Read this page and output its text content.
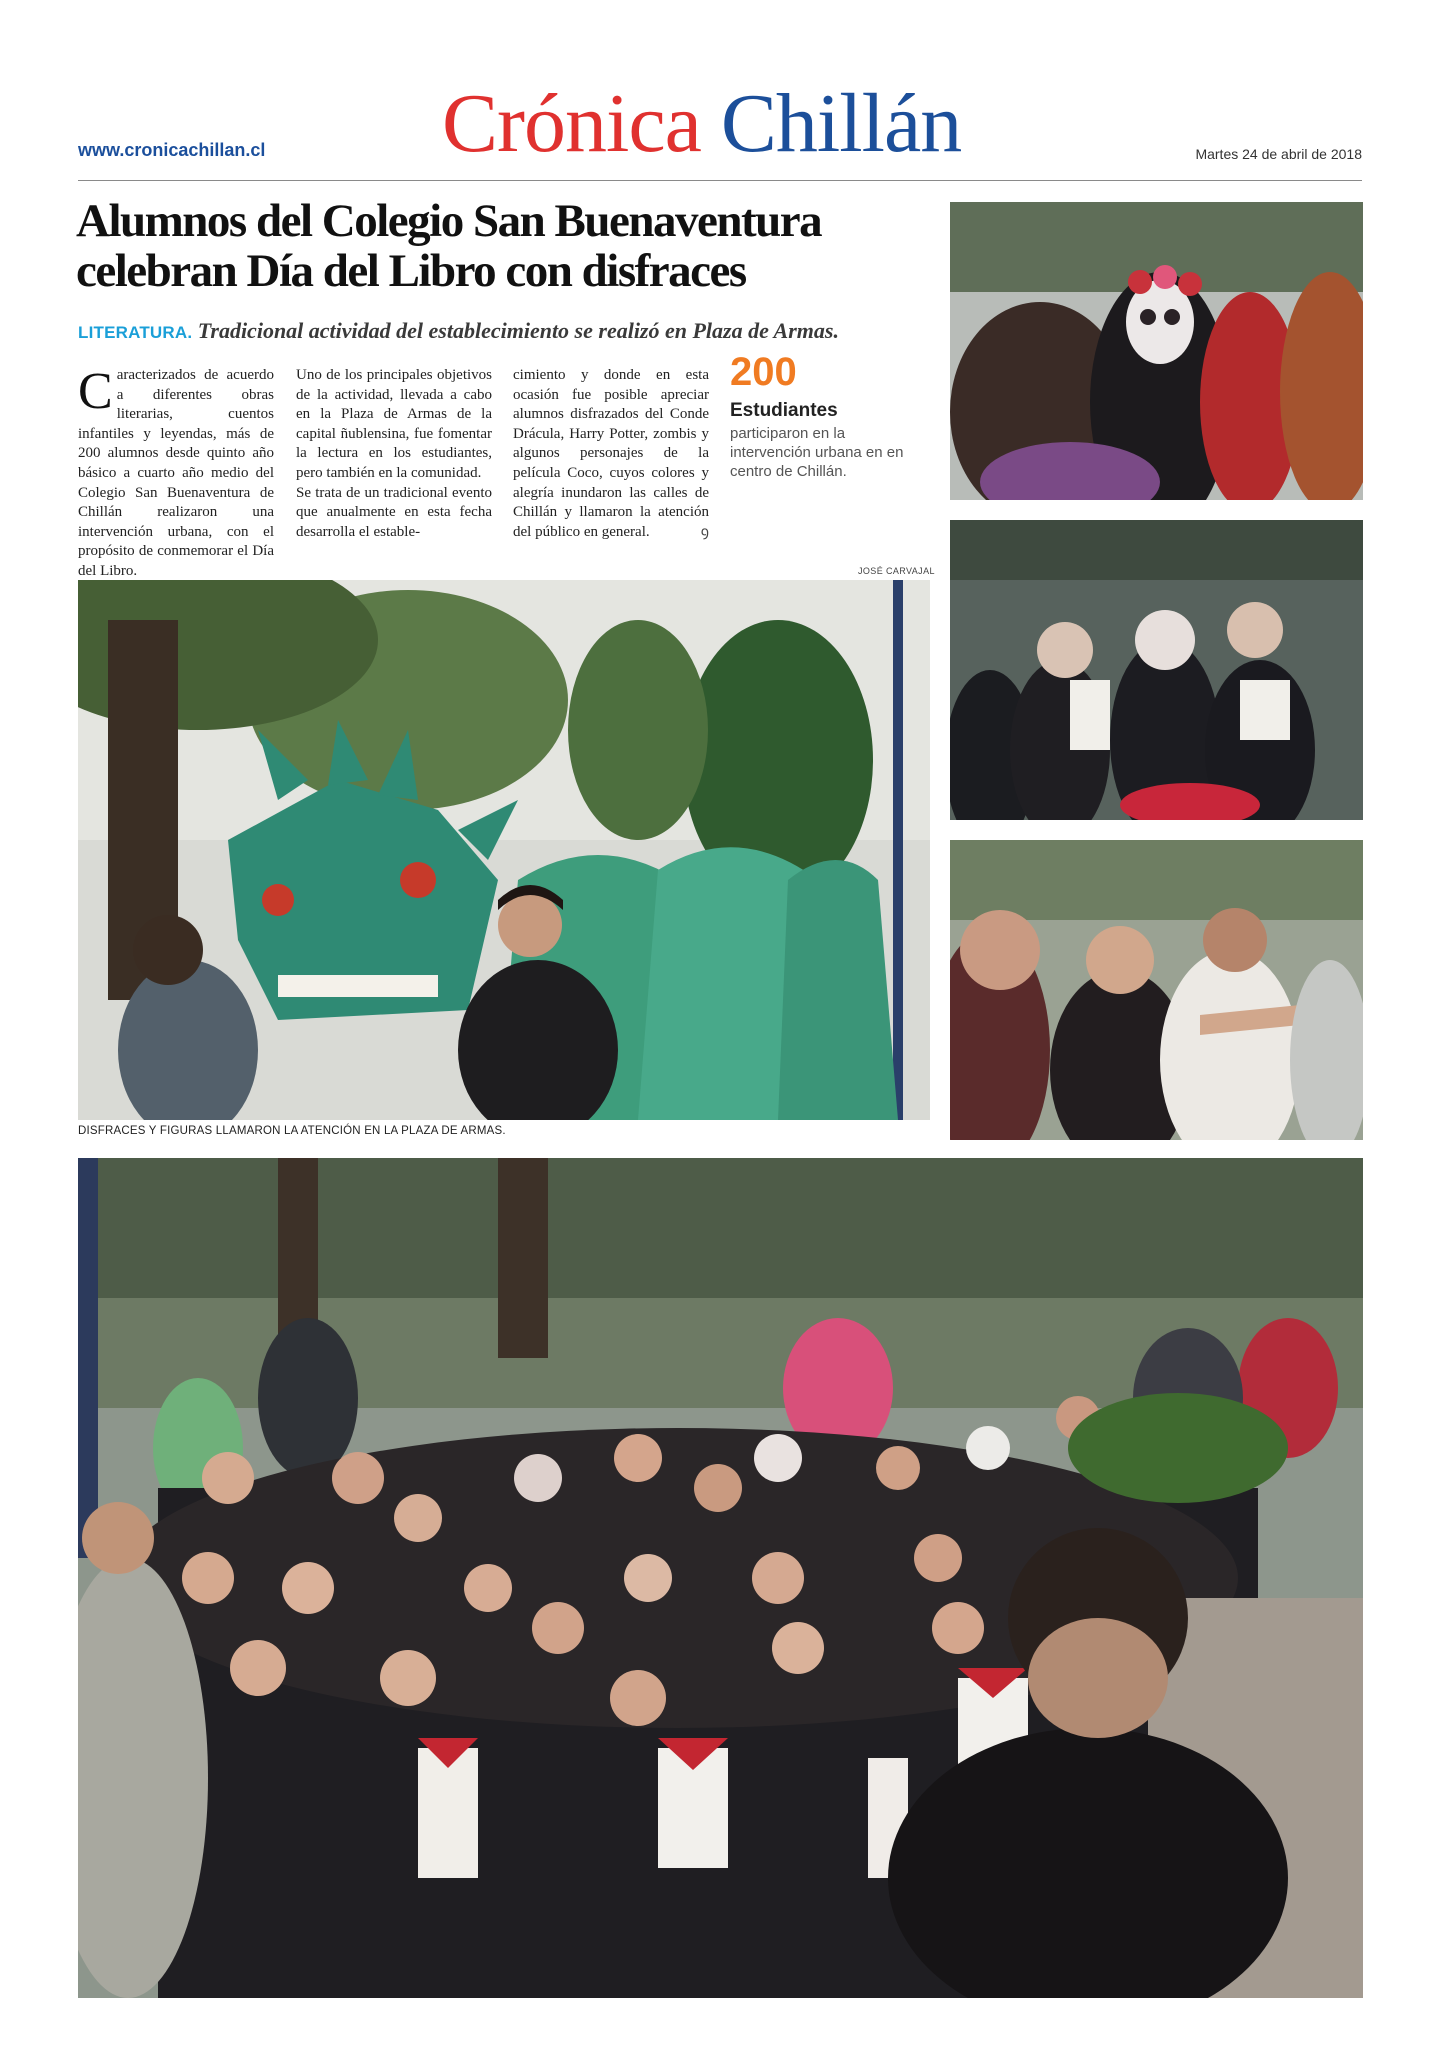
www.cronicachillan.cl Crónica Chillán	Martes 24 de abril de 2018
Alumnos del Colegio San Buenaventura celebran Día del Libro con disfraces
LITERATURA. Tradicional actividad del establecimiento se realizó en Plaza de Armas.
Caracterizados de acuerdo a diferentes obras literarias, cuentos infantiles y leyendas, más de 200 alumnos desde quinto año básico a cuarto año medio del Colegio San Buenaventura de Chillán realizaron una intervención urbana, con el propósito de conmemorar el Día del Libro.
Uno de los principales objetivos de la actividad, llevada a cabo en la Plaza de Armas de la capital ñublensina, fue fomentar la lectura en los estudiantes, pero también en la comunidad.
Se trata de un tradicional evento que anualmente en esta fecha desarrolla el estable-
cimiento y donde en esta ocasión fue posible apreciar alumnos disfrazados del Conde Drácula, Harry Potter, zombis y algunos personajes de la película Coco, cuyos colores y alegría inundaron las calles de Chillán y llamaron la atención del público en general.	ꝯ
200
Estudiantes
participaron en la intervención urbana en en centro de Chillán.
JOSÉ CARVAJAL
DISFRACES Y FIGURAS LLAMARON LA ATENCIÓN EN LA PLAZA DE ARMAS.
